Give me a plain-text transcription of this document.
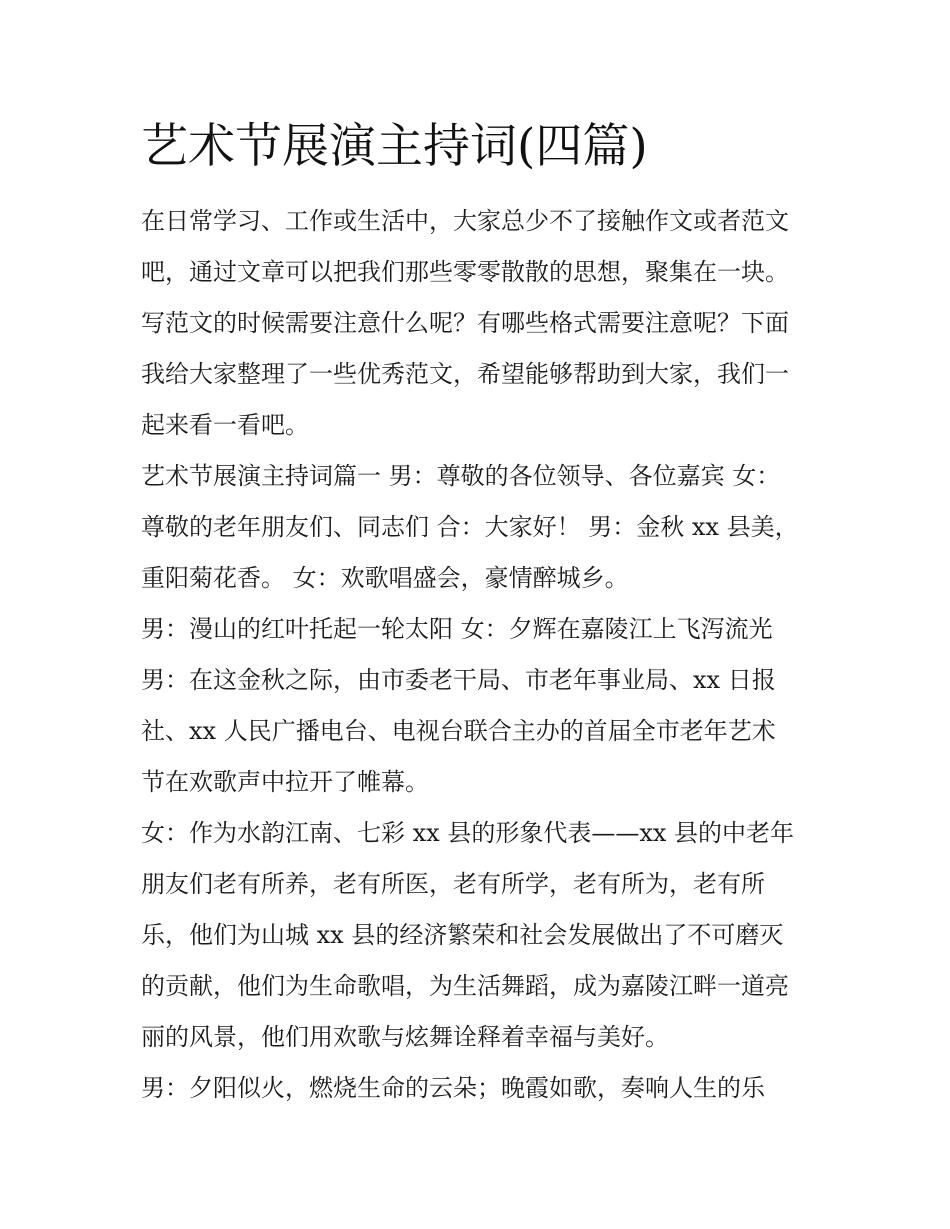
艺术节展演主持词(四篇)

在日常学习、工作或生活中，大家总少不了接触作文或者范文

吧，通过文章可以把我们那些零零散散的思想，聚集在一块。

写范文的时候需要注意什么呢？有哪些格式需要注意呢？下面

我给大家整理了一些优秀范文，希望能够帮助到大家，我们一

起来看一看吧。

艺术节展演主持词篇一 男：尊敬的各位领导、各位嘉宾 女：

尊敬的老年朋友们、同志们 合：大家好！ 男：金秋 xx 县美，

重阳菊花香。 女：欢歌唱盛会，豪情醉城乡。

男：漫山的红叶托起一轮太阳 女：夕辉在嘉陵江上飞泻流光

男：在这金秋之际，由市委老干局、市老年事业局、xx 日报

社、xx 人民广播电台、电视台联合主办的首届全市老年艺术

节在欢歌声中拉开了帷幕。

女：作为水韵江南、七彩 xx 县的形象代表——xx 县的中老年

朋友们老有所养，老有所医，老有所学，老有所为，老有所

乐，他们为山城 xx 县的经济繁荣和社会发展做出了不可磨灭

的贡献，他们为生命歌唱，为生活舞蹈，成为嘉陵江畔一道亮

丽的风景，他们用欢歌与炫舞诠释着幸福与美好。

男：夕阳似火，燃烧生命的云朵；晚霞如歌，奏响人生的乐
